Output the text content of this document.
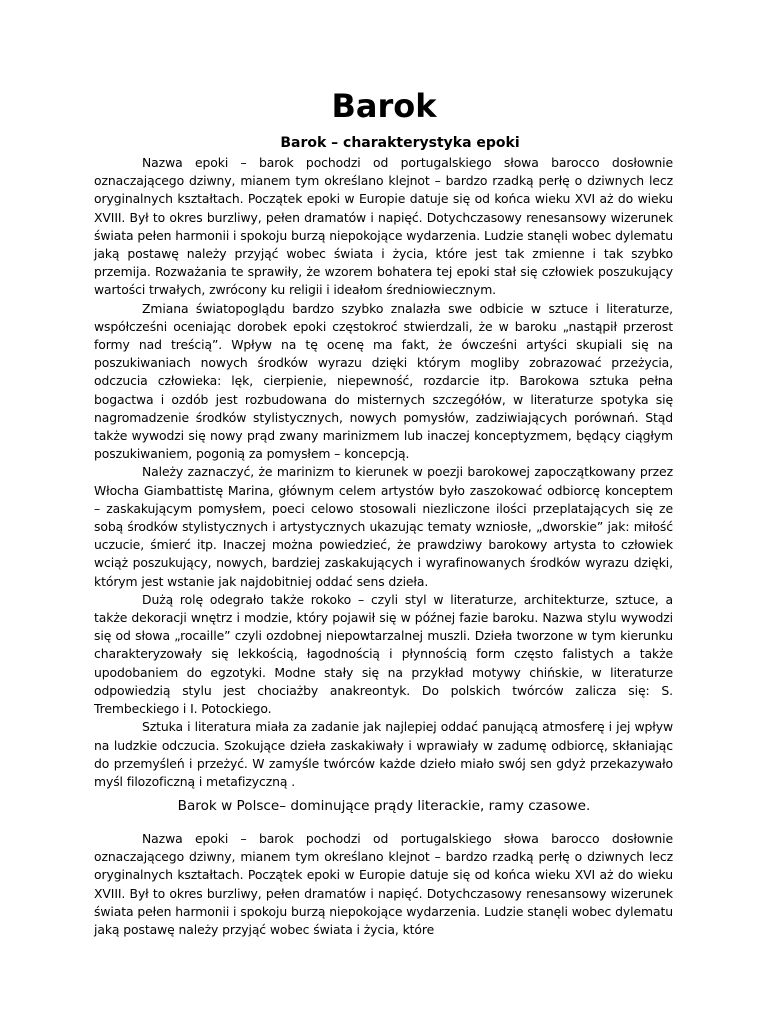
Barok
Barok – charakterystyka epoki

Nazwa epoki – barok pochodzi od portugalskiego słowa barocco dosłownie oznaczającego dziwny, mianem tym określano klejnot – bardzo rzadką perłę o dziwnych lecz oryginalnych kształtach. Początek epoki w Europie datuje się od końca wieku XVI aż do wieku XVIII. Był to okres burzliwy, pełen dramatów i napięć. Dotychczasowy renesansowy wizerunek świata pełen harmonii i spokoju burzą niepokojące wydarzenia. Ludzie stanęli wobec dylematu jaką postawę należy przyjąć wobec świata i życia, które jest tak zmienne i tak szybko przemija. Rozważania te sprawiły, że wzorem bohatera tej epoki stał się człowiek poszukujący wartości trwałych, zwrócony ku religii i ideałom średniowiecznym.

Zmiana światopoglądu bardzo szybko znalazła swe odbicie w sztuce i literaturze, współcześni oceniając dorobek epoki częstokroć stwierdzali, że w baroku „nastąpił przerost formy nad treścią”. Wpływ na tę ocenę ma fakt, że ówcześni artyści skupiali się na poszukiwaniach nowych środków wyrazu dzięki którym mogliby zobrazować przeżycia, odczucia człowieka: lęk, cierpienie, niepewność, rozdarcie itp. Barokowa sztuka pełna bogactwa i ozdób jest rozbudowana do misternych szczegółów, w literaturze spotyka się nagromadzenie środków stylistycznych, nowych pomysłów, zadziwiających porównań. Stąd także wywodzi się nowy prąd zwany marinizmem lub inaczej konceptyzmem, będący ciągłym poszukiwaniem, pogonią za pomysłem – koncepcją.

Należy zaznaczyć, że marinizm to kierunek w poezji barokowej zapoczątkowany przez Włocha Giambattistę Marina, głównym celem artystów było zaszokować odbiorcę konceptem – zaskakującym pomysłem, poeci celowo stosowali niezliczone ilości przeplatających się ze sobą środków stylistycznych i artystycznych ukazując tematy wzniosłe, „dworskie” jak: miłość uczucie, śmierć itp. Inaczej można powiedzieć, że prawdziwy barokowy artysta to człowiek wciąż poszukujący, nowych, bardziej zaskakujących i wyrafinowanych środków wyrazu dzięki, którym jest wstanie jak najdobitniej oddać sens dzieła.

Dużą rolę odegrało także rokoko – czyli styl w literaturze, architekturze, sztuce, a także dekoracji wnętrz i modzie, który pojawił się w późnej fazie baroku. Nazwa stylu wywodzi się od słowa „rocaille” czyli ozdobnej niepowtarzalnej muszli. Dzieła tworzone w tym kierunku charakteryzowały się lekkością, łagodnością i płynnością form często falistych a także upodobaniem do egzotyki. Modne stały się na przykład motywy chińskie, w literaturze odpowiedzią stylu jest chociażby anakreontyk. Do polskich twórców zalicza się: S. Trembeckiego i I. Potockiego.

Sztuka i literatura miała za zadanie jak najlepiej oddać panującą atmosferę i jej wpływ na ludzkie odczucia. Szokujące dzieła zaskakiwały i wprawiały w zadumę odbiorcę, skłaniając do przemyśleń i przeżyć. W zamyśle twórców każde dzieło miało swój sen gdyż przekazywało myśl filozoficzną i metafizyczną .

Barok w Polsce– dominujące prądy literackie, ramy czasowe.

Nazwa epoki – barok pochodzi od portugalskiego słowa barocco dosłownie oznaczającego dziwny, mianem tym określano klejnot – bardzo rzadką perłę o dziwnych lecz oryginalnych kształtach. Początek epoki w Europie datuje się od końca wieku XVI aż do wieku XVIII. Był to okres burzliwy, pełen dramatów i napięć. Dotychczasowy renesansowy wizerunek świata pełen harmonii i spokoju burzą niepokojące wydarzenia. Ludzie stanęli wobec dylematu jaką postawę należy przyjąć wobec świata i życia, które
